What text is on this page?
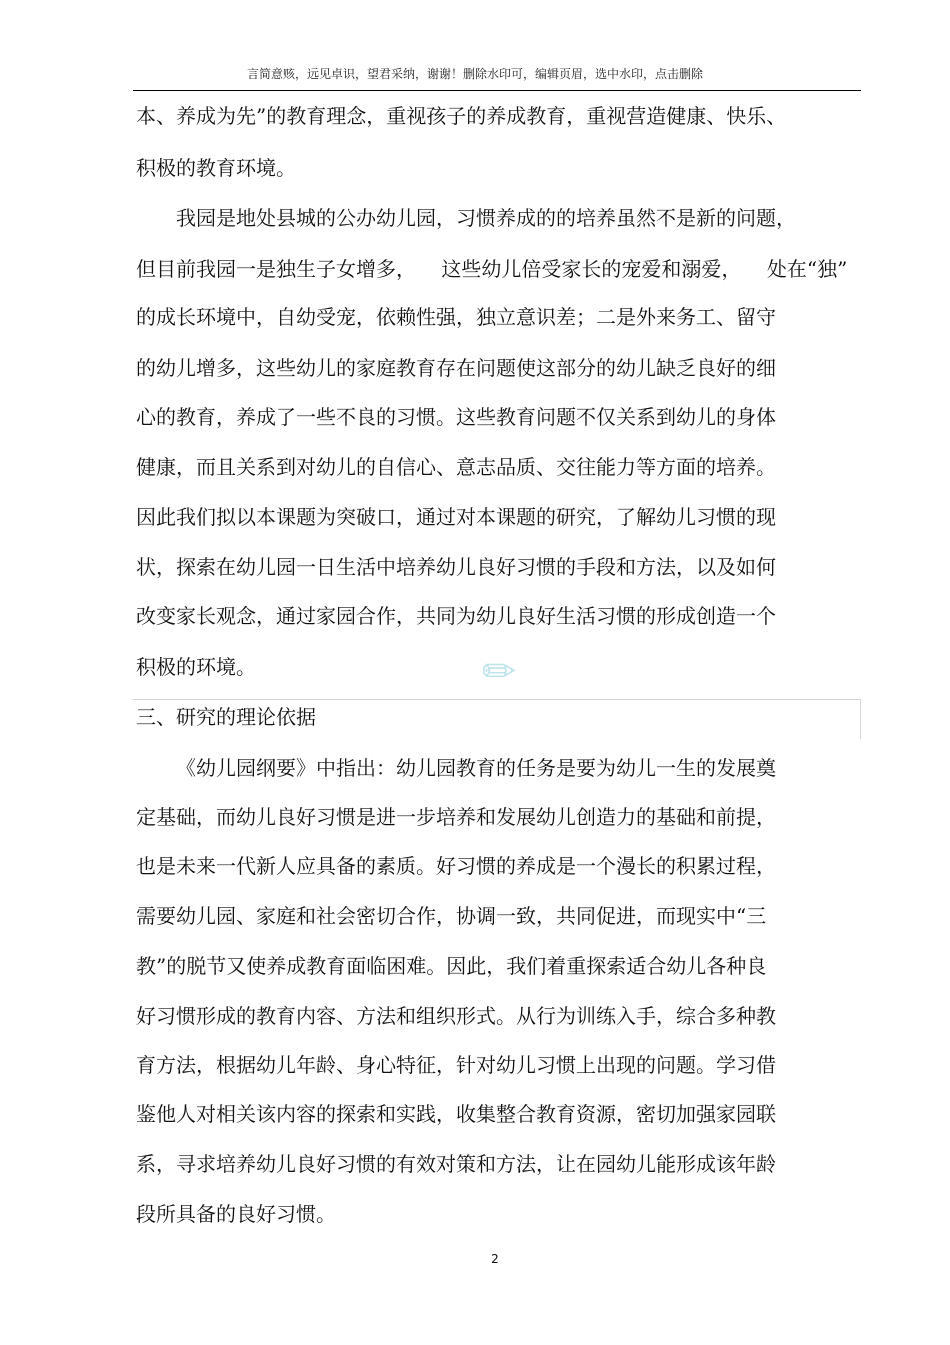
言简意赅，远见卓识，望君采纳，谢谢！删除水印可，编辑页眉，选中水印，点击删除
本、养成为先”的教育理念，重视孩子的养成教育，重视营造健康、快乐、
积极的教育环境。
我园是地处县城的公办幼儿园，习惯养成的的培养虽然不是新的问题，
但目前我园一是独生子女增多，    这些幼儿倍受家长的宠爱和溺爱，    处在“独”
的成长环境中，自幼受宠，依赖性强，独立意识差；二是外来务工、留守
的幼儿增多，这些幼儿的家庭教育存在问题使这部分的幼儿缺乏良好的细
心的教育，养成了一些不良的习惯。这些教育问题不仅关系到幼儿的身体
健康，而且关系到对幼儿的自信心、意志品质、交往能力等方面的培养。
因此我们拟以本课题为突破口，通过对本课题的研究，了解幼儿习惯的现
状，探索在幼儿园一日生活中培养幼儿良好习惯的手段和方法，以及如何
改变家长观念，通过家园合作，共同为幼儿良好生活习惯的形成创造一个
积极的环境。	✎
三、研究的理论依据
《幼儿园纲要》中指出：幼儿园教育的任务是要为幼儿一生的发展奠
定基础，而幼儿良好习惯是进一步培养和发展幼儿创造力的基础和前提，
也是未来一代新人应具备的素质。好习惯的养成是一个漫长的积累过程，
需要幼儿园、家庭和社会密切合作，协调一致，共同促进，而现实中“三
教”的脱节又使养成教育面临困难。因此，我们着重探索适合幼儿各种良
好习惯形成的教育内容、方法和组织形式。从行为训练入手，综合多种教
育方法，根据幼儿年龄、身心特征，针对幼儿习惯上出现的问题。学习借
鉴他人对相关该内容的探索和实践，收集整合教育资源，密切加强家园联
系，寻求培养幼儿良好习惯的有效对策和方法，让在园幼儿能形成该年龄
段所具备的良好习惯。
2
